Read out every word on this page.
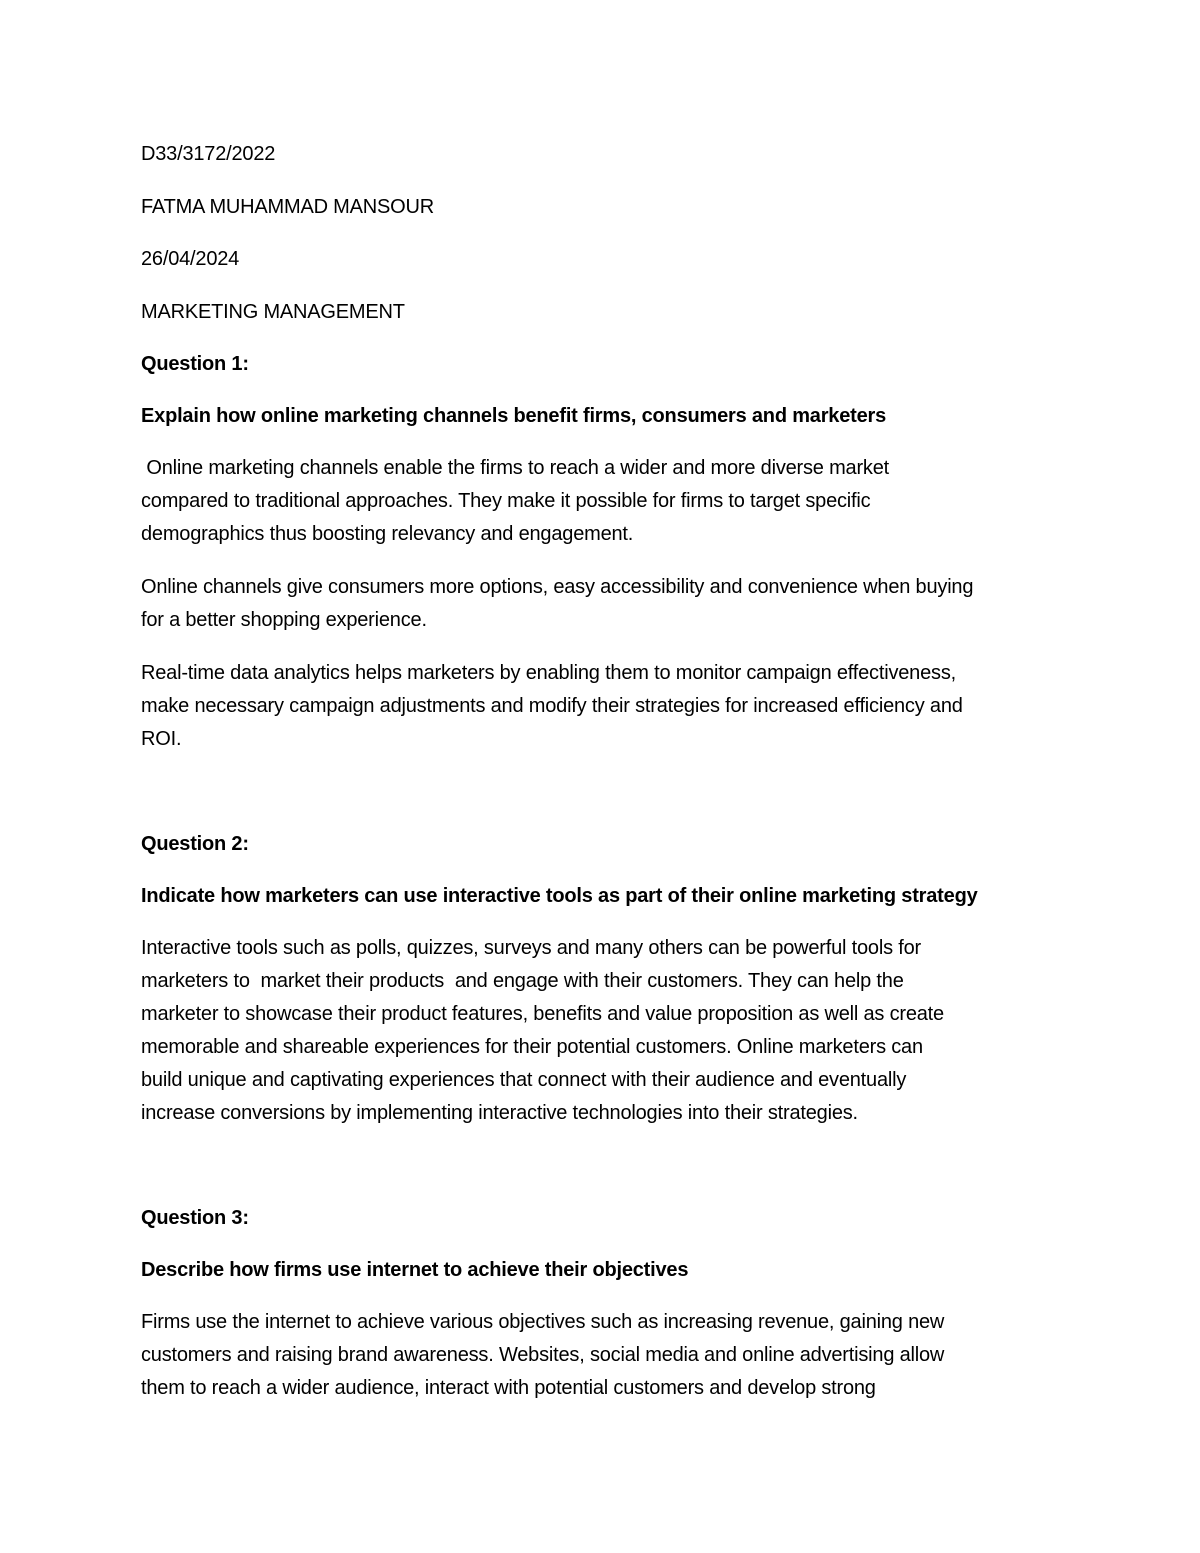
D33/3172/2022

FATMA MUHAMMAD MANSOUR

26/04/2024

MARKETING MANAGEMENT

Question 1:

Explain how online marketing channels benefit firms, consumers and marketers

Online marketing channels enable the firms to reach a wider and more diverse market

compared to traditional approaches. They make it possible for firms to target specific

demographics thus boosting relevancy and engagement.

Online channels give consumers more options, easy accessibility and convenience when buying

for a better shopping experience.

Real-time data analytics helps marketers by enabling them to monitor campaign effectiveness,

make necessary campaign adjustments and modify their strategies for increased efficiency and

ROI.

Question 2:

Indicate how marketers can use interactive tools as part of their online marketing strategy

Interactive tools such as polls, quizzes, surveys and many others can be powerful tools for

marketers to  market their products  and engage with their customers. They can help the

marketer to showcase their product features, benefits and value proposition as well as create

memorable and shareable experiences for their potential customers. Online marketers can

build unique and captivating experiences that connect with their audience and eventually

increase conversions by implementing interactive technologies into their strategies.

Question 3:

Describe how firms use internet to achieve their objectives

Firms use the internet to achieve various objectives such as increasing revenue, gaining new

customers and raising brand awareness. Websites, social media and online advertising allow

them to reach a wider audience, interact with potential customers and develop strong
